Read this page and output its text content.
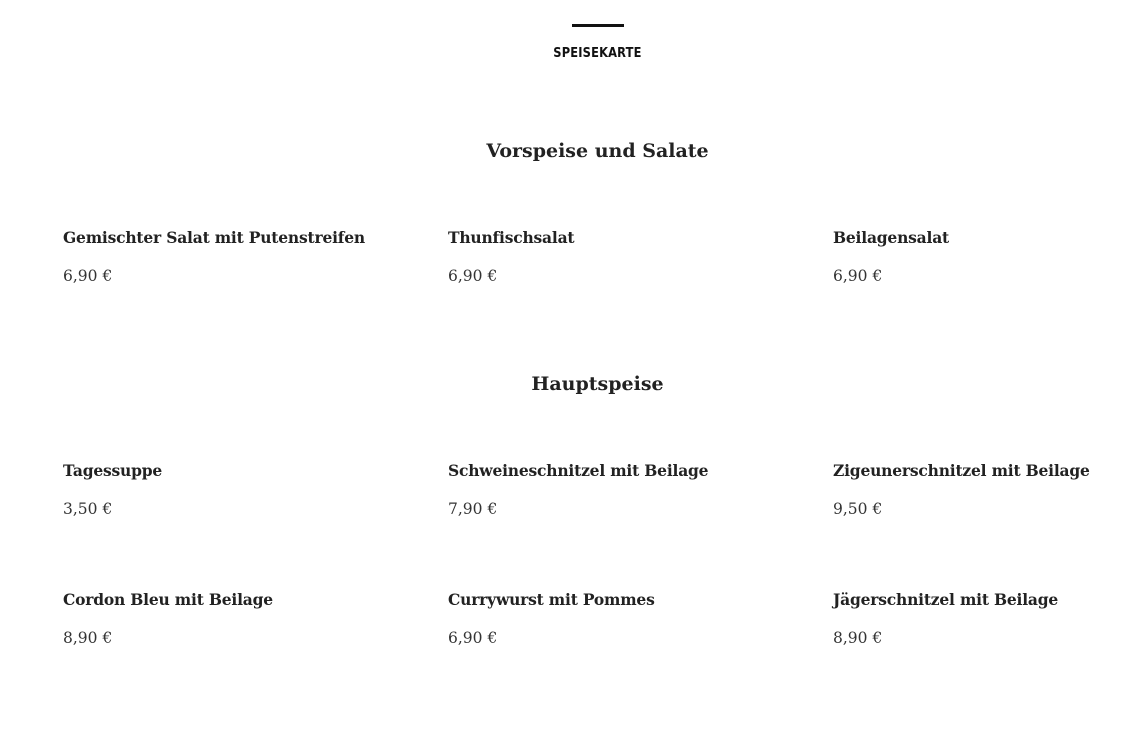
SPEISEKARTE
Vorspeise und Salate
Gemischter Salat mit Putenstreifen
6,90 €
Thunfischsalat
6,90 €
Beilagensalat
6,90 €
Hauptspeise
Tagessuppe
3,50 €
Schweineschnitzel mit Beilage
7,90 €
Zigeunerschnitzel mit Beilage
9,50 €
Cordon Bleu mit Beilage
8,90 €
Currywurst mit Pommes
6,90 €
Jägerschnitzel mit Beilage
8,90 €
